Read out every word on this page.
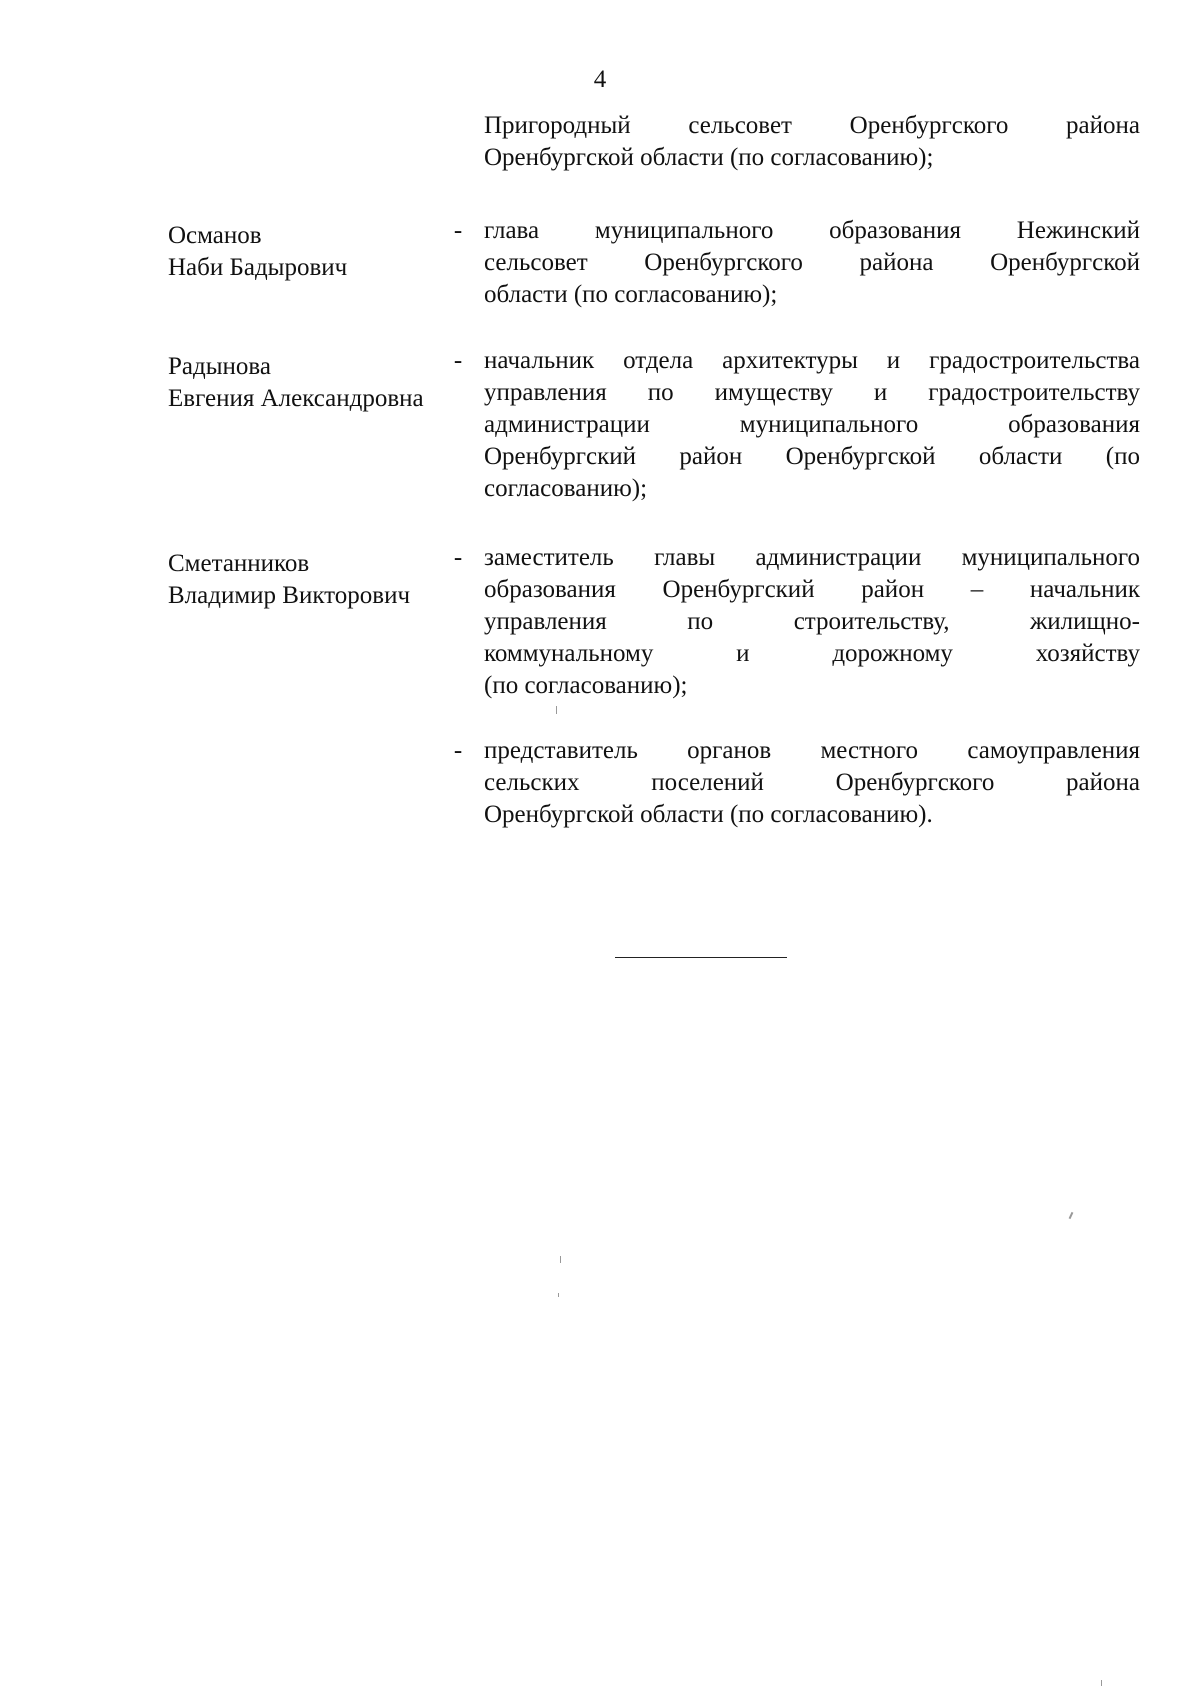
4
Пригородный сельсовет Оренбургского района
Оренбургской области (по согласованию);
Османов
Наби Бадырович
- глава муниципального образования Нежинский
сельсовет Оренбургского района Оренбургской
области (по согласованию);
Радынова
Евгения Александровна
- начальник отдела архитектуры и градостроительства
управления по имуществу и градостроительству
администрации муниципального образования
Оренбургский район Оренбургской области (по
согласованию);
Сметанников
Владимир Викторович
- заместитель главы администрации муниципального
образования Оренбургский район – начальник
управления по строительству, жилищно-
коммунальному и дорожному хозяйству
(по согласованию);
- представитель органов местного самоуправления
сельских поселений Оренбургского района
Оренбургской области (по согласованию).
